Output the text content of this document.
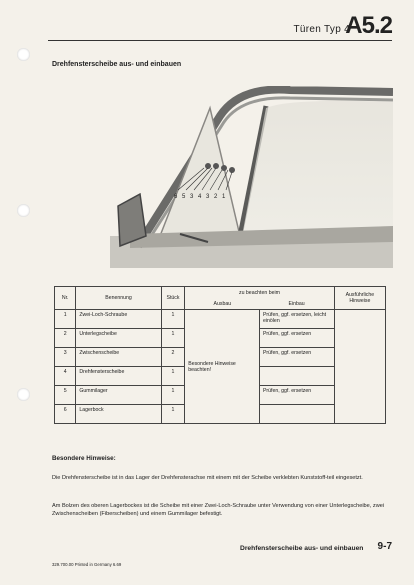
Türen Typ 4
A5.2
Drehfensterscheibe aus- und einbauen
6 5 3 4 3 2 1
Nr.	Benennung	Stück	zu beachten beim		Ausführliche Hinweise
			Ausbau	Einbau	
1	Zwei-Loch-Schraube	1	Besondere Hinweise beachten!	Prüfen, ggf. ersetzen, leicht einölen	
2	Unterlegscheibe	1		Prüfen, ggf. ersetzen	
3	Zwischenscheibe	2		Prüfen, ggf. ersetzen	
4	Drehfensterscheibe	1			
5	Gummilager	1		Prüfen, ggf. ersetzen	
6	Lagerbock	1			
Besondere Hinweise:
Die Drehfensterscheibe ist in das Lager der Drehfensterachse mit einem mit der Scheibe verklebten Kunststoff-teil eingesetzt.
Am Bolzen des oberen Lagerbockes ist die Scheibe mit einer Zwei-Loch-Schraube unter Verwendung von einer Unterlegscheibe, zwei Zwischenscheiben (Fiberscheiben) und einem Gummilager befestigt.
Drehfensterscheibe aus- und einbauen 9-7
329.700.00 Printed in Germany 6.69
